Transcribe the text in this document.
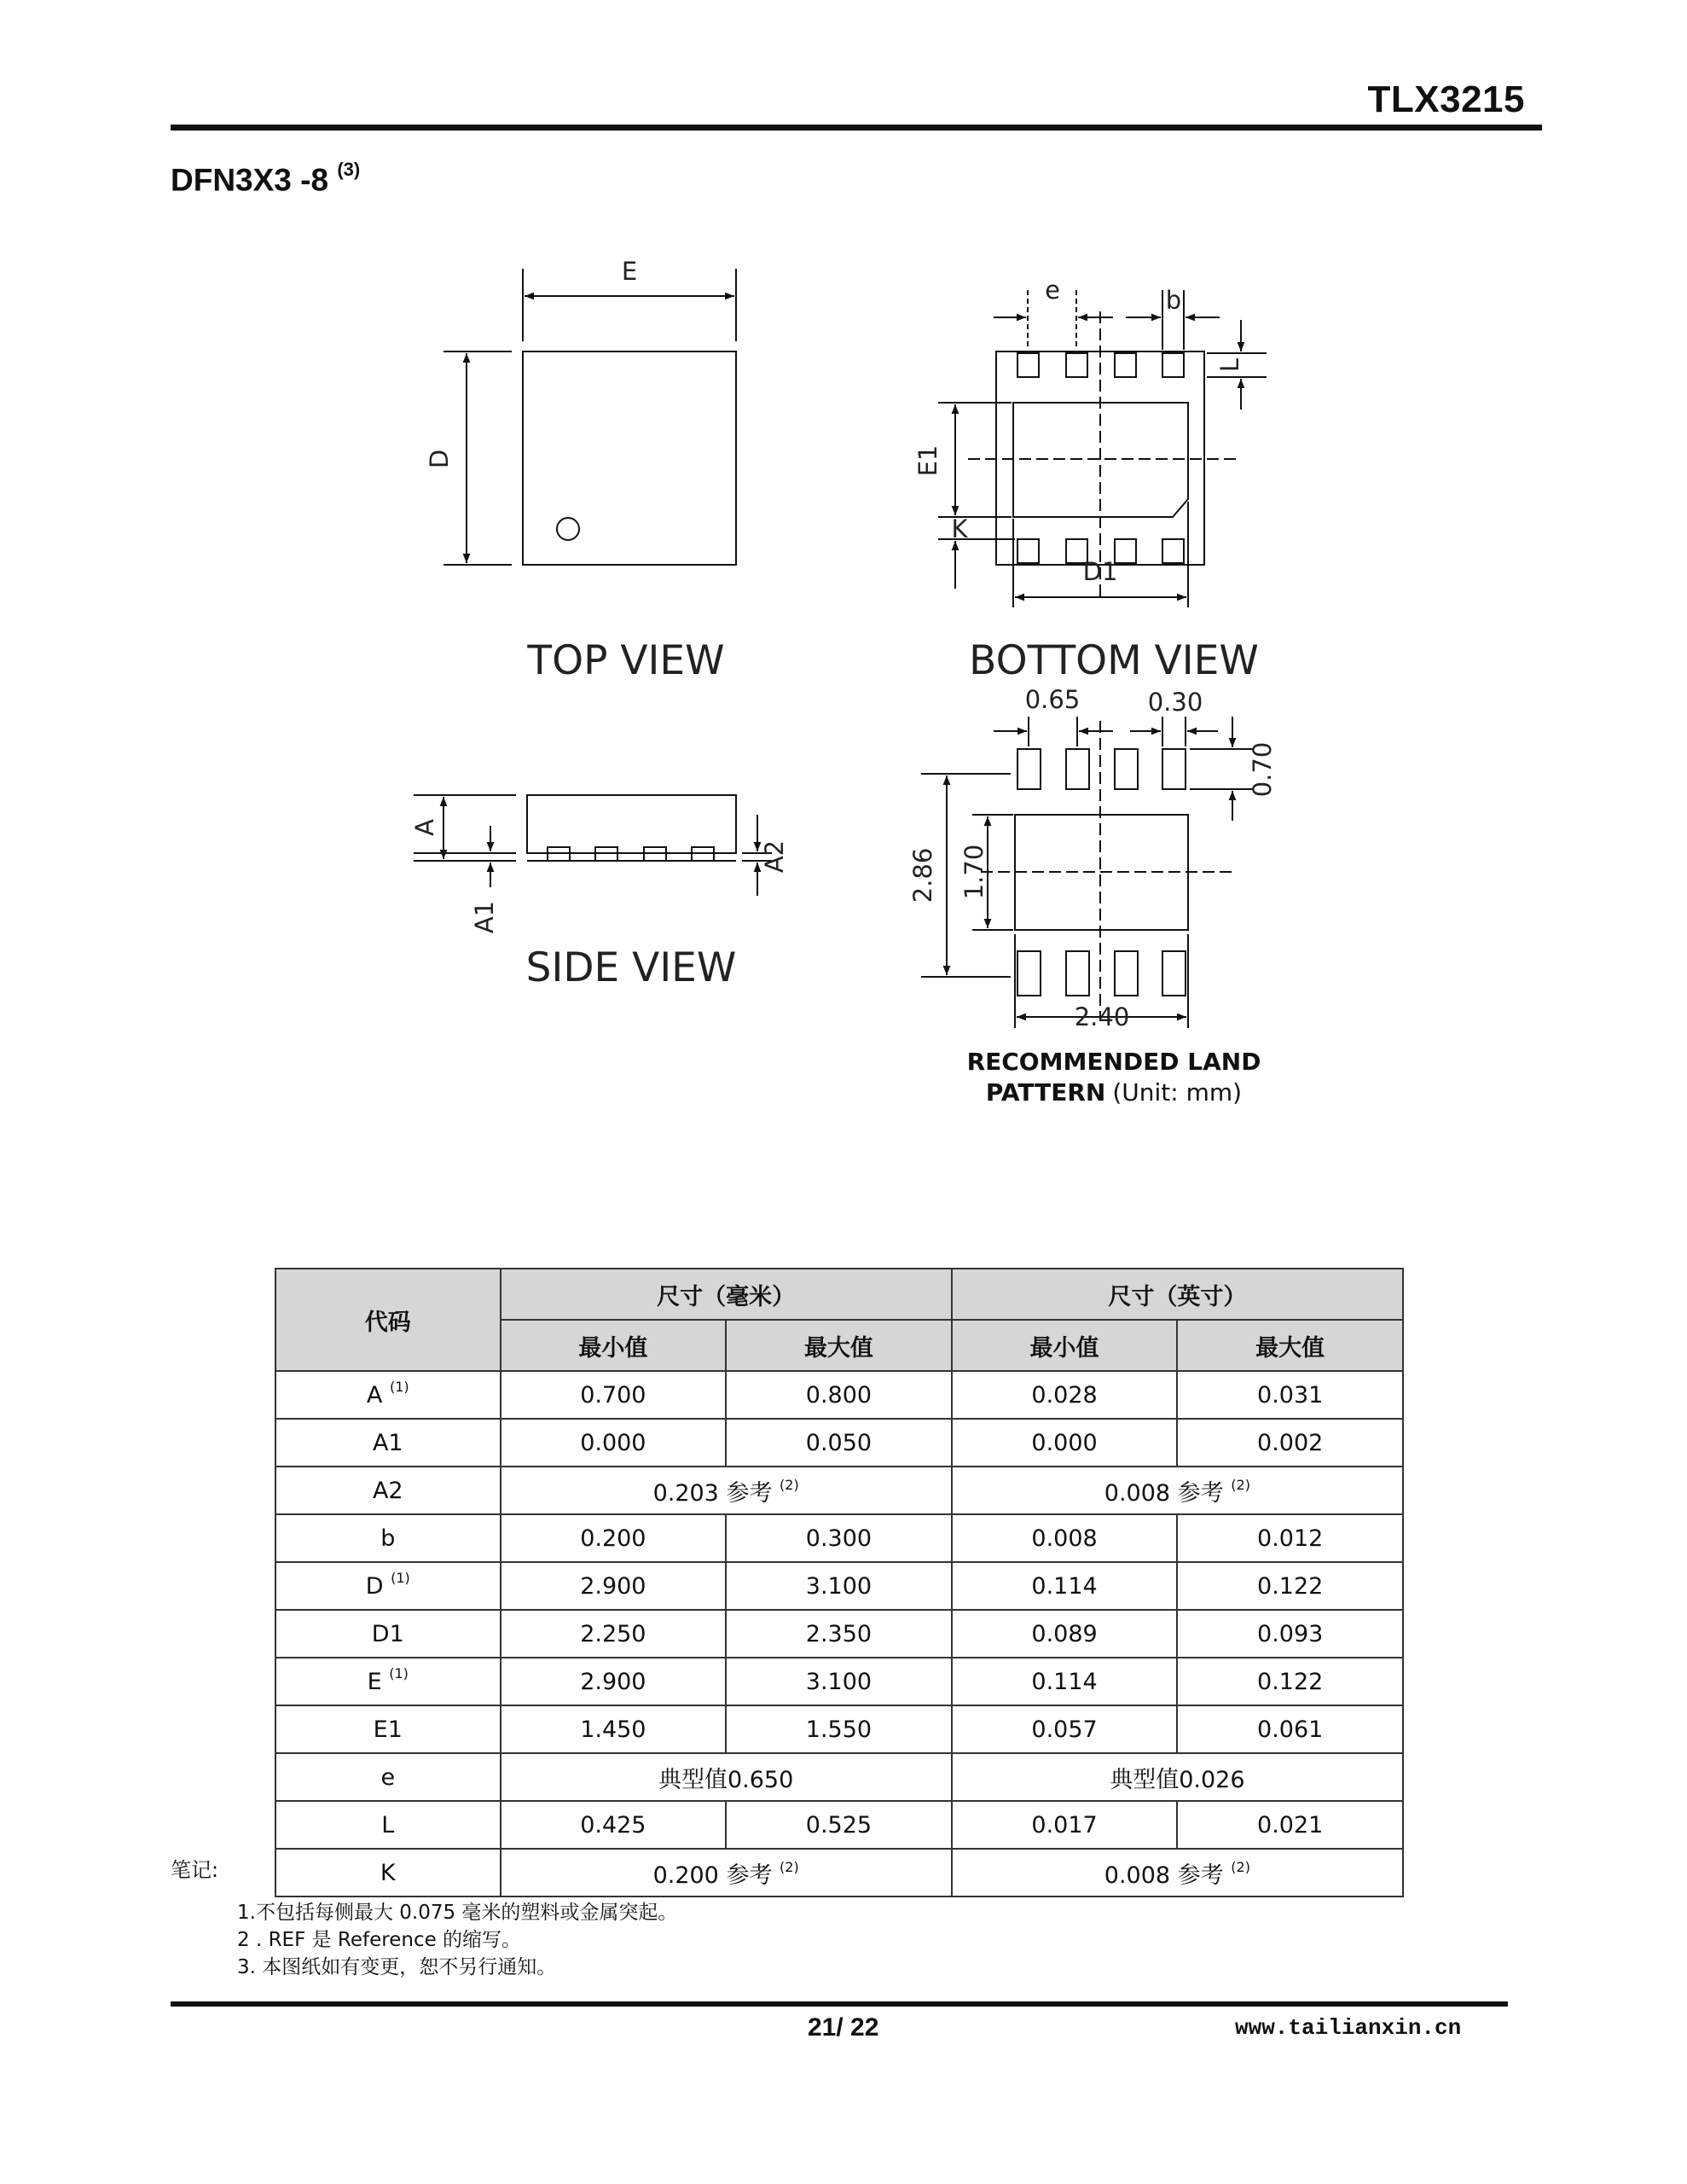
TLX3215
DFN3X3 -8 $^{(3)}$
E
D
TOP VIEW
e	b
L
E1
K
D1
BOTTOM VIEW
A
A1
A2
SIDE VIEW
0.65	0.30
0.70
2.86 1.70
2.40
RECOMMENDED LAND
PATTERN (Unit: mm)
代码	尺寸（毫米）		尺寸（英寸）	
	最小值	最大值	最小值	最大值
A $^{(1)}$	0.700	0.800	0.028	0.031
A1	0.000	0.050	0.000	0.002
A2	0.203 参考 $^{(2)}$		0.008 参考 $^{(2)}$
b	0.200	0.300	0.008	0.012
D $^{(1)}$	2.900	3.100	0.114	0.122
D1	2.250	2.350	0.089	0.093
E $^{(1)}$	2.900	3.100	0.114	0.122
E1	1.450	1.550	0.057	0.061
e	典型值0.650		典型值0.026	
L	0.425	0.525	0.017	0.021
K	0.200 参考 $^{(2)}$		0.008 参考 $^{(2)}$
笔记:
1.不包括每侧最大 0.075 毫米的塑料或金属突起。
2 . REF 是 Reference 的缩写。
3. 本图纸如有变更，恕不另行通知。
21/ 22	www.tailianxin.cn
